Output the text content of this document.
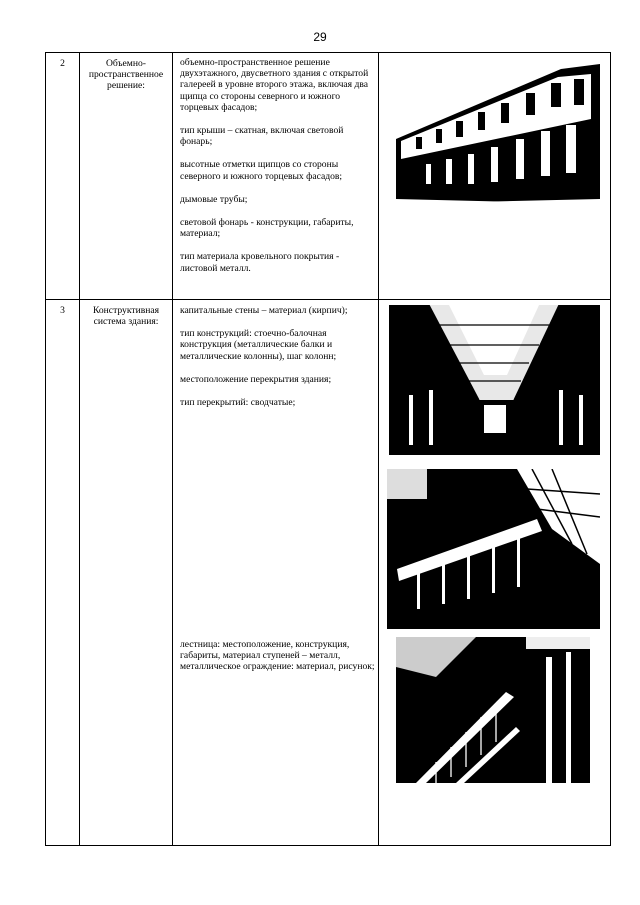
29
2	Объемно-пространственное решение:
объемно-пространственное решение двухэтажного, двусветного здания с открытой галереей в уровне второго этажа, включая два щипца со стороны северного и южного торцевых фасадов;
тип крыши – скатная, включая световой фонарь;
высотные отметки щипцов со стороны северного и южного торцевых фасадов;
дымовые трубы;
световой фонарь - конструкции, габариты, материал;
тип материала кровельного покрытия - листовой металл.
3	Конструктивная система здания:
капитальные стены – материал (кирпич);
тип конструкций: стоечно-балочная конструкция (металлические балки и металлические колонны), шаг колонн;
местоположение перекрытия здания;
тип перекрытий: сводчатые;
лестница: местоположение, конструкция, габариты, материал ступеней – металл, металлическое ограждение: материал, рисунок;
